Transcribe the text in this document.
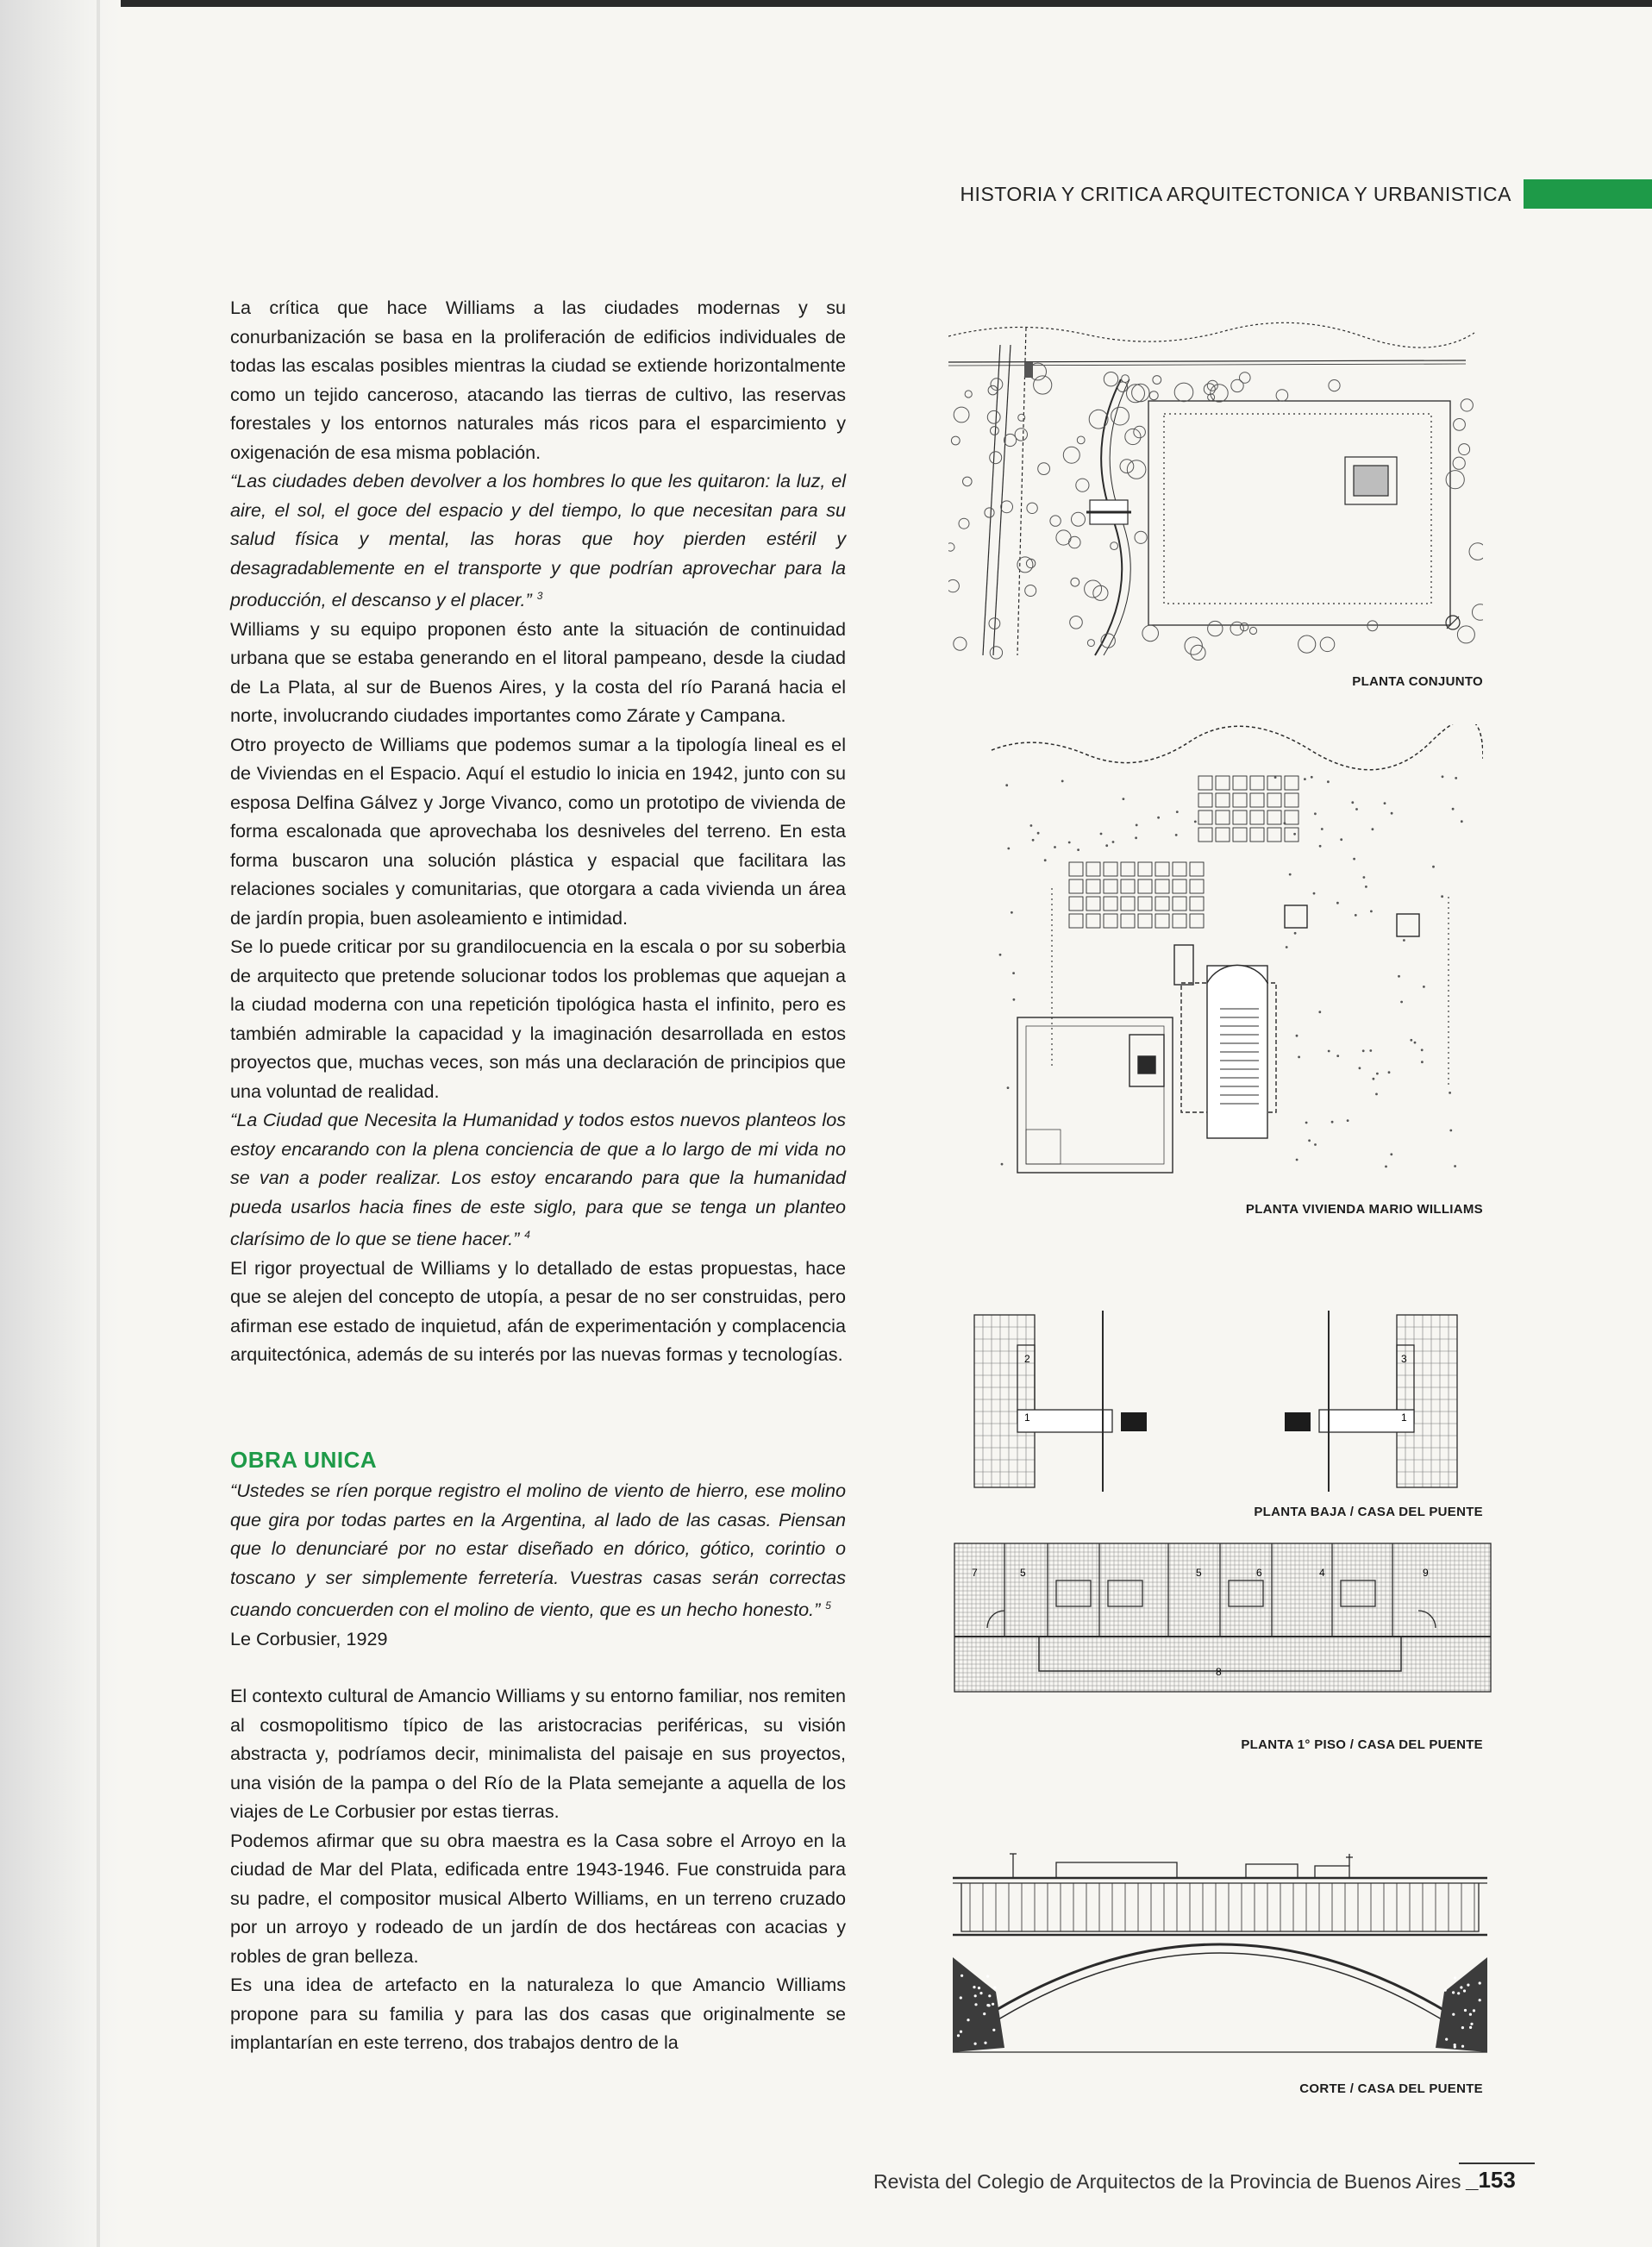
HISTORIA Y CRITICA ARQUITECTONICA Y URBANISTICA

La crítica que hace Williams a las ciudades modernas y su conurbanización se basa en la proliferación de edificios individuales de todas las escalas posibles mientras la ciudad se extiende horizontalmente como un tejido canceroso, atacando las tierras de cultivo, las reservas forestales y los entornos naturales más ricos para el esparcimiento y oxigenación de esa misma población.

“Las ciudades deben devolver a los hombres lo que les quitaron: la luz, el aire, el sol, el goce del espacio y del tiempo, lo que necesitan para su salud física y mental, las horas que hoy pierden estéril y desagradablemente en el transporte y que podrían aprovechar para la producción, el descanso y el placer.” $^3$

Williams y su equipo proponen ésto ante la situación de continuidad urbana que se estaba generando en el litoral pampeano, desde la ciudad de La Plata, al sur de Buenos Aires, y la costa del río Paraná hacia el norte, involucrando ciudades importantes como Zárate y Campana.

Otro proyecto de Williams que podemos sumar a la tipología lineal es el de Viviendas en el Espacio. Aquí el estudio lo inicia en 1942, junto con su esposa Delfina Gálvez y Jorge Vivanco, como un prototipo de vivienda de forma escalonada que aprovechaba los desniveles del terreno. En esta forma buscaron una solución plástica y espacial que facilitara las relaciones sociales y comunitarias, que otorgara a cada vivienda un área de jardín propia, buen asoleamiento e intimidad.

Se lo puede criticar por su grandilocuencia en la escala o por su soberbia de arquitecto que pretende solucionar todos los problemas que aquejan a la ciudad moderna con una repetición tipológica hasta el infinito, pero es también admirable la capacidad y la imaginación desarrollada en estos proyectos que, muchas veces, son más una declaración de principios que una voluntad de realidad.

“La Ciudad que Necesita la Humanidad y todos estos nuevos planteos los estoy encarando con la plena conciencia de que a lo largo de mi vida no se van a poder realizar. Los estoy encarando para que la humanidad pueda usarlos hacia fines de este siglo, para que se tenga un planteo clarísimo de lo que se tiene hacer.” $^4$

El rigor proyectual de Williams y lo detallado de estas propuestas, hace que se alejen del concepto de utopía, a pesar de no ser construidas, pero afirman ese estado de inquietud, afán de experimentación y complacencia arquitectónica, además de su interés por las nuevas formas y tecnologías.

OBRA UNICA

“Ustedes se ríen porque registro el molino de viento de hierro, ese molino que gira por todas partes en la Argentina, al lado de las casas. Piensan que lo denunciaré por no estar diseñado en dórico, gótico, corintio o toscano y ser simplemente ferretería. Vuestras casas serán correctas cuando concuerden con el molino de viento, que es un hecho honesto.” $^5$

Le Corbusier, 1929

El contexto cultural de Amancio Williams y su entorno familiar, nos remiten al cosmopolitismo típico de las aristocracias periféricas, su visión abstracta y, podríamos decir, minimalista del paisaje en sus proyectos, una visión de la pampa o del Río de la Plata semejante a aquella de los viajes de Le Corbusier por estas tierras.

Podemos afirmar que su obra maestra es la Casa sobre el Arroyo en la ciudad de Mar del Plata, edificada entre 1943-1946. Fue construida para su padre, el compositor musical Alberto Williams, en un terreno cruzado por un arroyo y rodeado de un jardín de dos hectáreas con acacias y robles de gran belleza.

Es una idea de artefacto en la naturaleza lo que Amancio Williams propone para su familia y para las dos casas que originalmente se implantarían en este terreno, dos trabajos dentro de la

PLANTA CONJUNTO
PLANTA VIVIENDA MARIO WILLIAMS
2
1	1
3
PLANTA BAJA / CASA DEL PUENTE
7	5	5	4
6	9
8
PLANTA 1° PISO / CASA DEL PUENTE
CORTE / CASA DEL PUENTE
Revista del Colegio de Arquitectos de la Provincia de Buenos Aires _153
